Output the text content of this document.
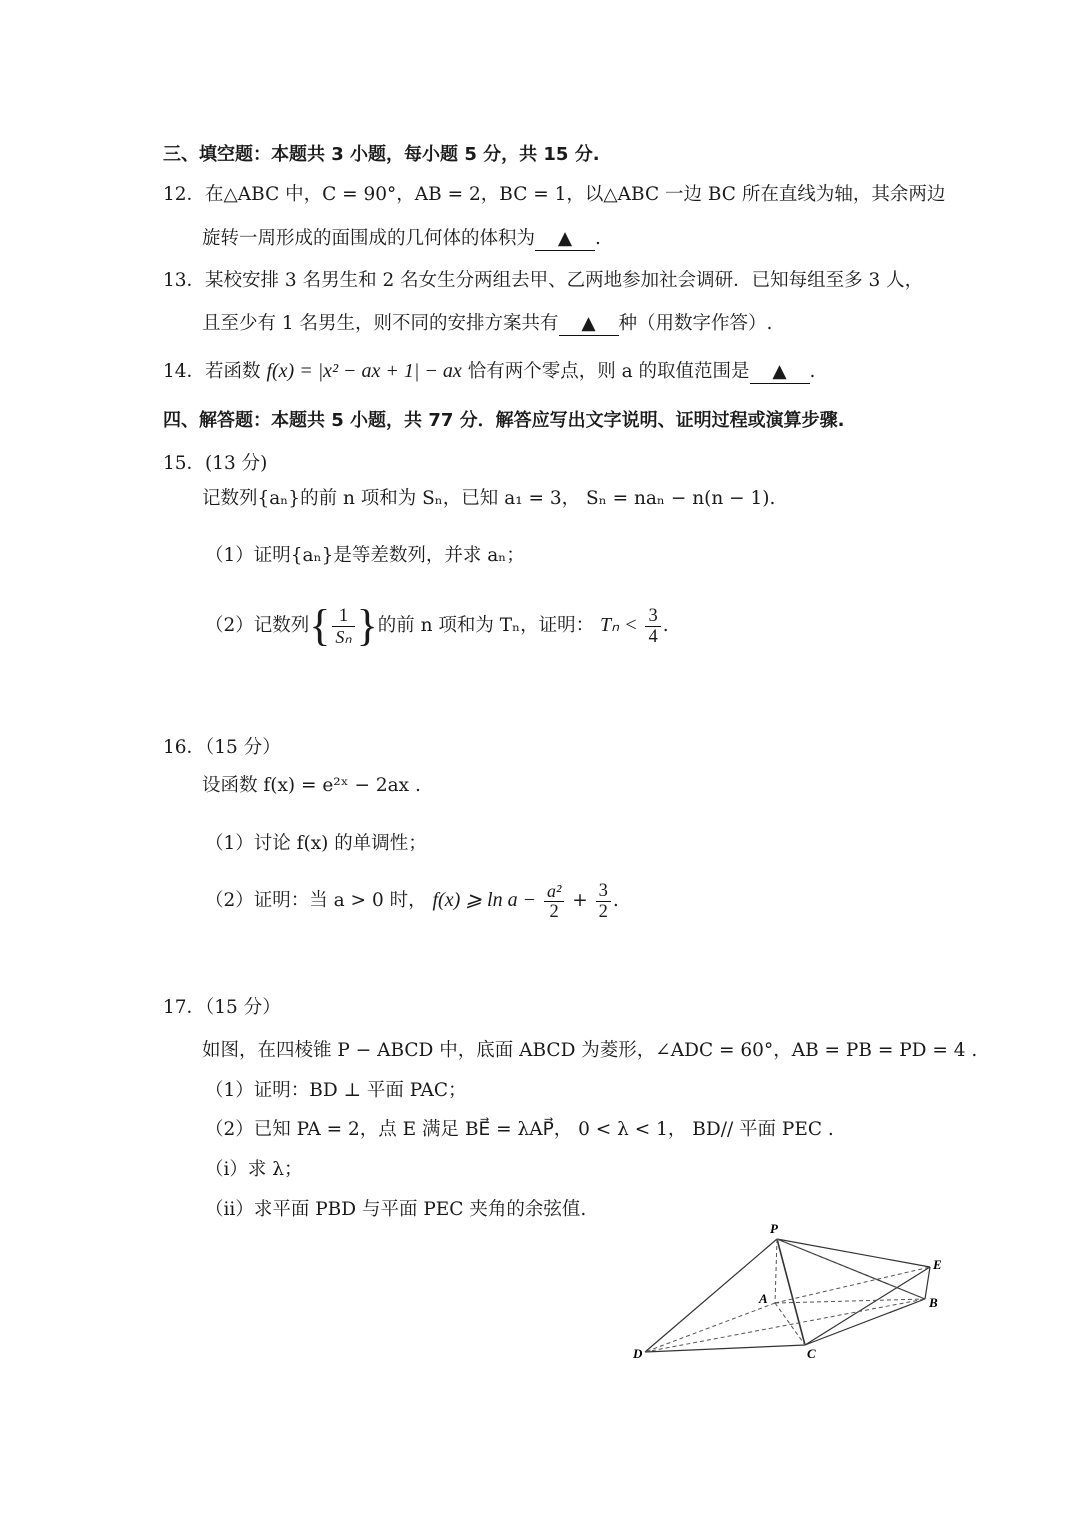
三、填空题：本题共 3 小题，每小题 5 分，共 15 分.
12．在△ABC 中，C = 90°，AB = 2，BC = 1，以△ABC 一边 BC 所在直线为轴，其余两边
旋转一周形成的面围成的几何体的体积为 ▲ .
13．某校安排 3 名男生和 2 名女生分两组去甲、乙两地参加社会调研．已知每组至多 3 人，
且至少有 1 名男生，则不同的安排方案共有 ▲ 种（用数字作答）.
14．若函数 f(x) = |x² − ax + 1| − ax 恰有两个零点，则 a 的取值范围是 ▲ .
四、解答题：本题共 5 小题，共 77 分．解答应写出文字说明、证明过程或演算步骤.
15．(13 分)
记数列{aₙ}的前 n 项和为 Sₙ，已知 a₁ = 3， Sₙ = naₙ − n(n − 1).
（1）证明{aₙ}是等差数列，并求 aₙ；
（2）记数列{ $\frac{1}{\text{Sₙ}}$ }的前 n 项和为 Tₙ，证明： $T_n < \frac{3}{4}$ .
16．（15 分）
设函数 f(x) = e²ˣ − 2ax .
（1）讨论 f(x) 的单调性；
（2）证明：当 a > 0 时， f(x) ⩾ $\ln a - \frac{\text{a²}}{2} + \frac{3}{2}$ .
17．（15 分）
如图，在四棱锥 P − ABCD 中，底面 ABCD 为菱形，∠ADC = 60°，AB = PB = PD = 4 .
（1）证明：BD ⊥ 平面 PAC；
（2）已知 PA = 2，点 E 满足 BE⃗ = λAP⃗， 0 < λ < 1， BD// 平面 PEC .
（i）求 λ；
（ii）求平面 PBD 与平面 PEC 夹角的余弦值.
P
E
A	B
D	C
